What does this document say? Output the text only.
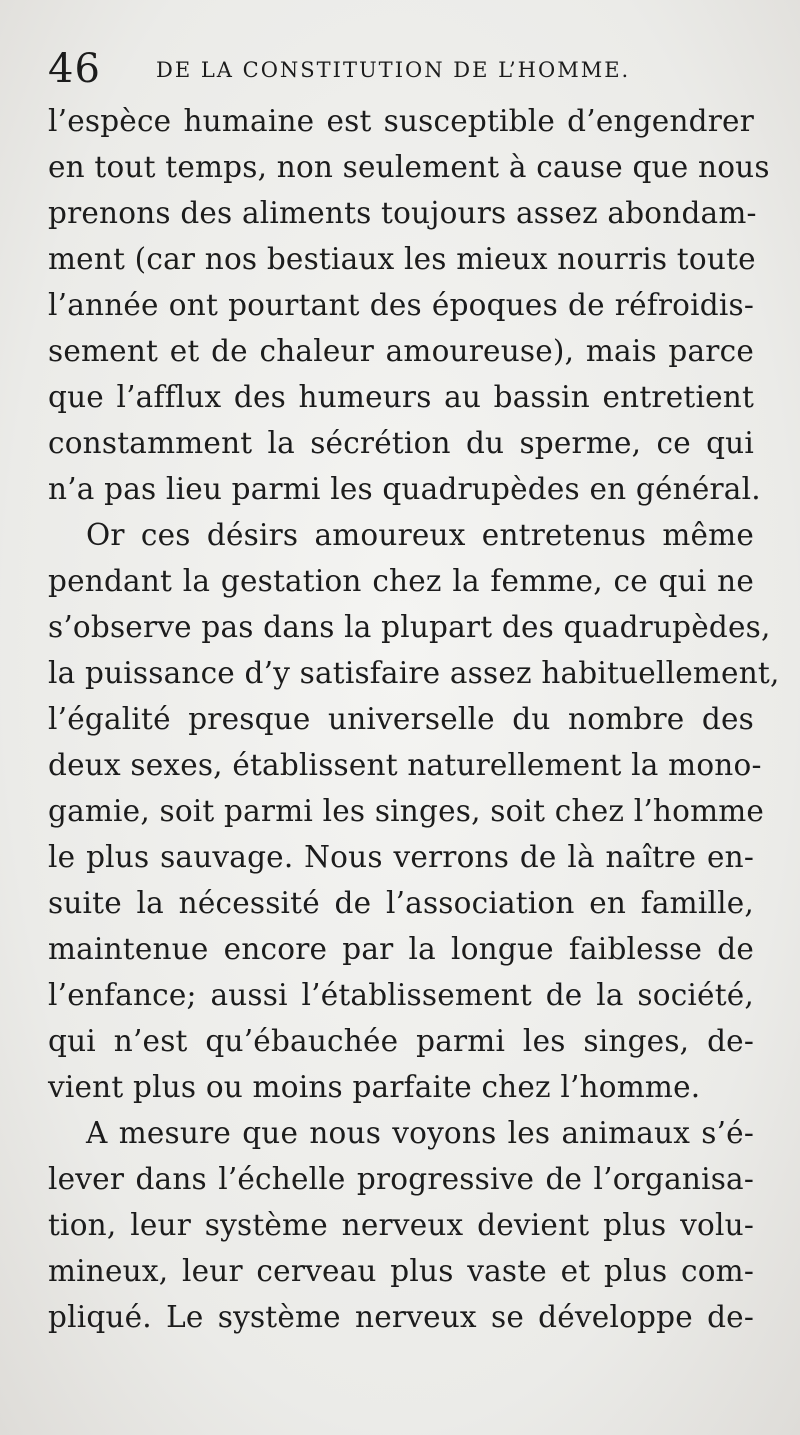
46	DE LA CONSTITUTION DE L’HOMME.
l’espèce humaine est susceptible d’engendrer
en tout temps, non seulement à cause que nous
prenons des aliments toujours assez abondam-
ment (car nos bestiaux les mieux nourris toute
l’année ont pourtant des époques de réfroidis-
sement et de chaleur amoureuse), mais parce
que l’afflux des humeurs au bassin entretient
constamment la sécrétion du sperme, ce qui
n’a pas lieu parmi les quadrupèdes en général.
Or ces désirs amoureux entretenus même
pendant la gestation chez la femme, ce qui ne
s’observe pas dans la plupart des quadrupèdes,
la puissance d’y satisfaire assez habituellement,
l’égalité presque universelle du nombre des
deux sexes, établissent naturellement la mono-
gamie, soit parmi les singes, soit chez l’homme
le plus sauvage. Nous verrons de là naître en-
suite la nécessité de l’association en famille,
maintenue encore par la longue faiblesse de
l’enfance; aussi l’établissement de la société,
qui n’est qu’ébauchée parmi les singes, de-
vient plus ou moins parfaite chez l’homme.
A mesure que nous voyons les animaux s’é-
lever dans l’échelle progressive de l’organisa-
tion, leur système nerveux devient plus volu-
mineux, leur cerveau plus vaste et plus com-
pliqué. Le système nerveux se développe de-
